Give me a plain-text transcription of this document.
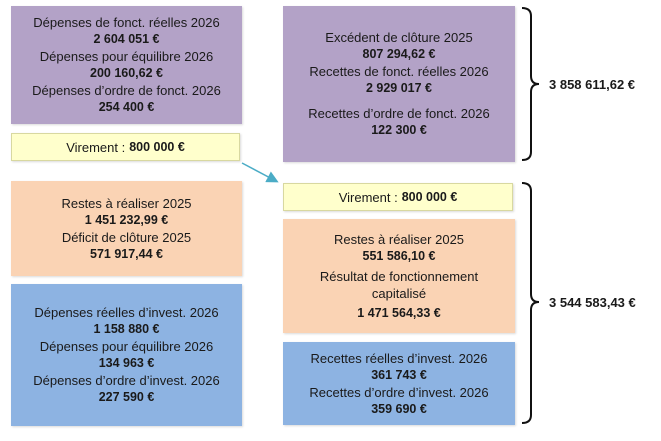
Dépenses de fonct. réelles 2026
2 604 051 €
Dépenses pour équilibre 2026
200 160,62 €
Dépenses d’ordre de fonct. 2026
254 400 €
Virement : 800 000 €
Restes à réaliser 2025
1 451 232,99 €
Déficit de clôture 2025
571 917,44 €
Dépenses réelles d’invest. 2026
1 158 880 €
Dépenses pour équilibre 2026
134 963 €
Dépenses d’ordre d’invest. 2026
227 590 €
Excédent de clôture 2025
807 294,62 €
Recettes de fonct. réelles 2026
2 929 017 €
Recettes d’ordre de fonct. 2026
122 300 €
Virement : 800 000 €
Restes à réaliser 2025
551 586,10 €
Résultat de fonctionnement capitalisé
1 471 564,33 €
Recettes réelles d’invest. 2026
361 743 €
Recettes d’ordre d’invest. 2026
359 690 €
3 858 611,62 €
3 544 583,43 €
